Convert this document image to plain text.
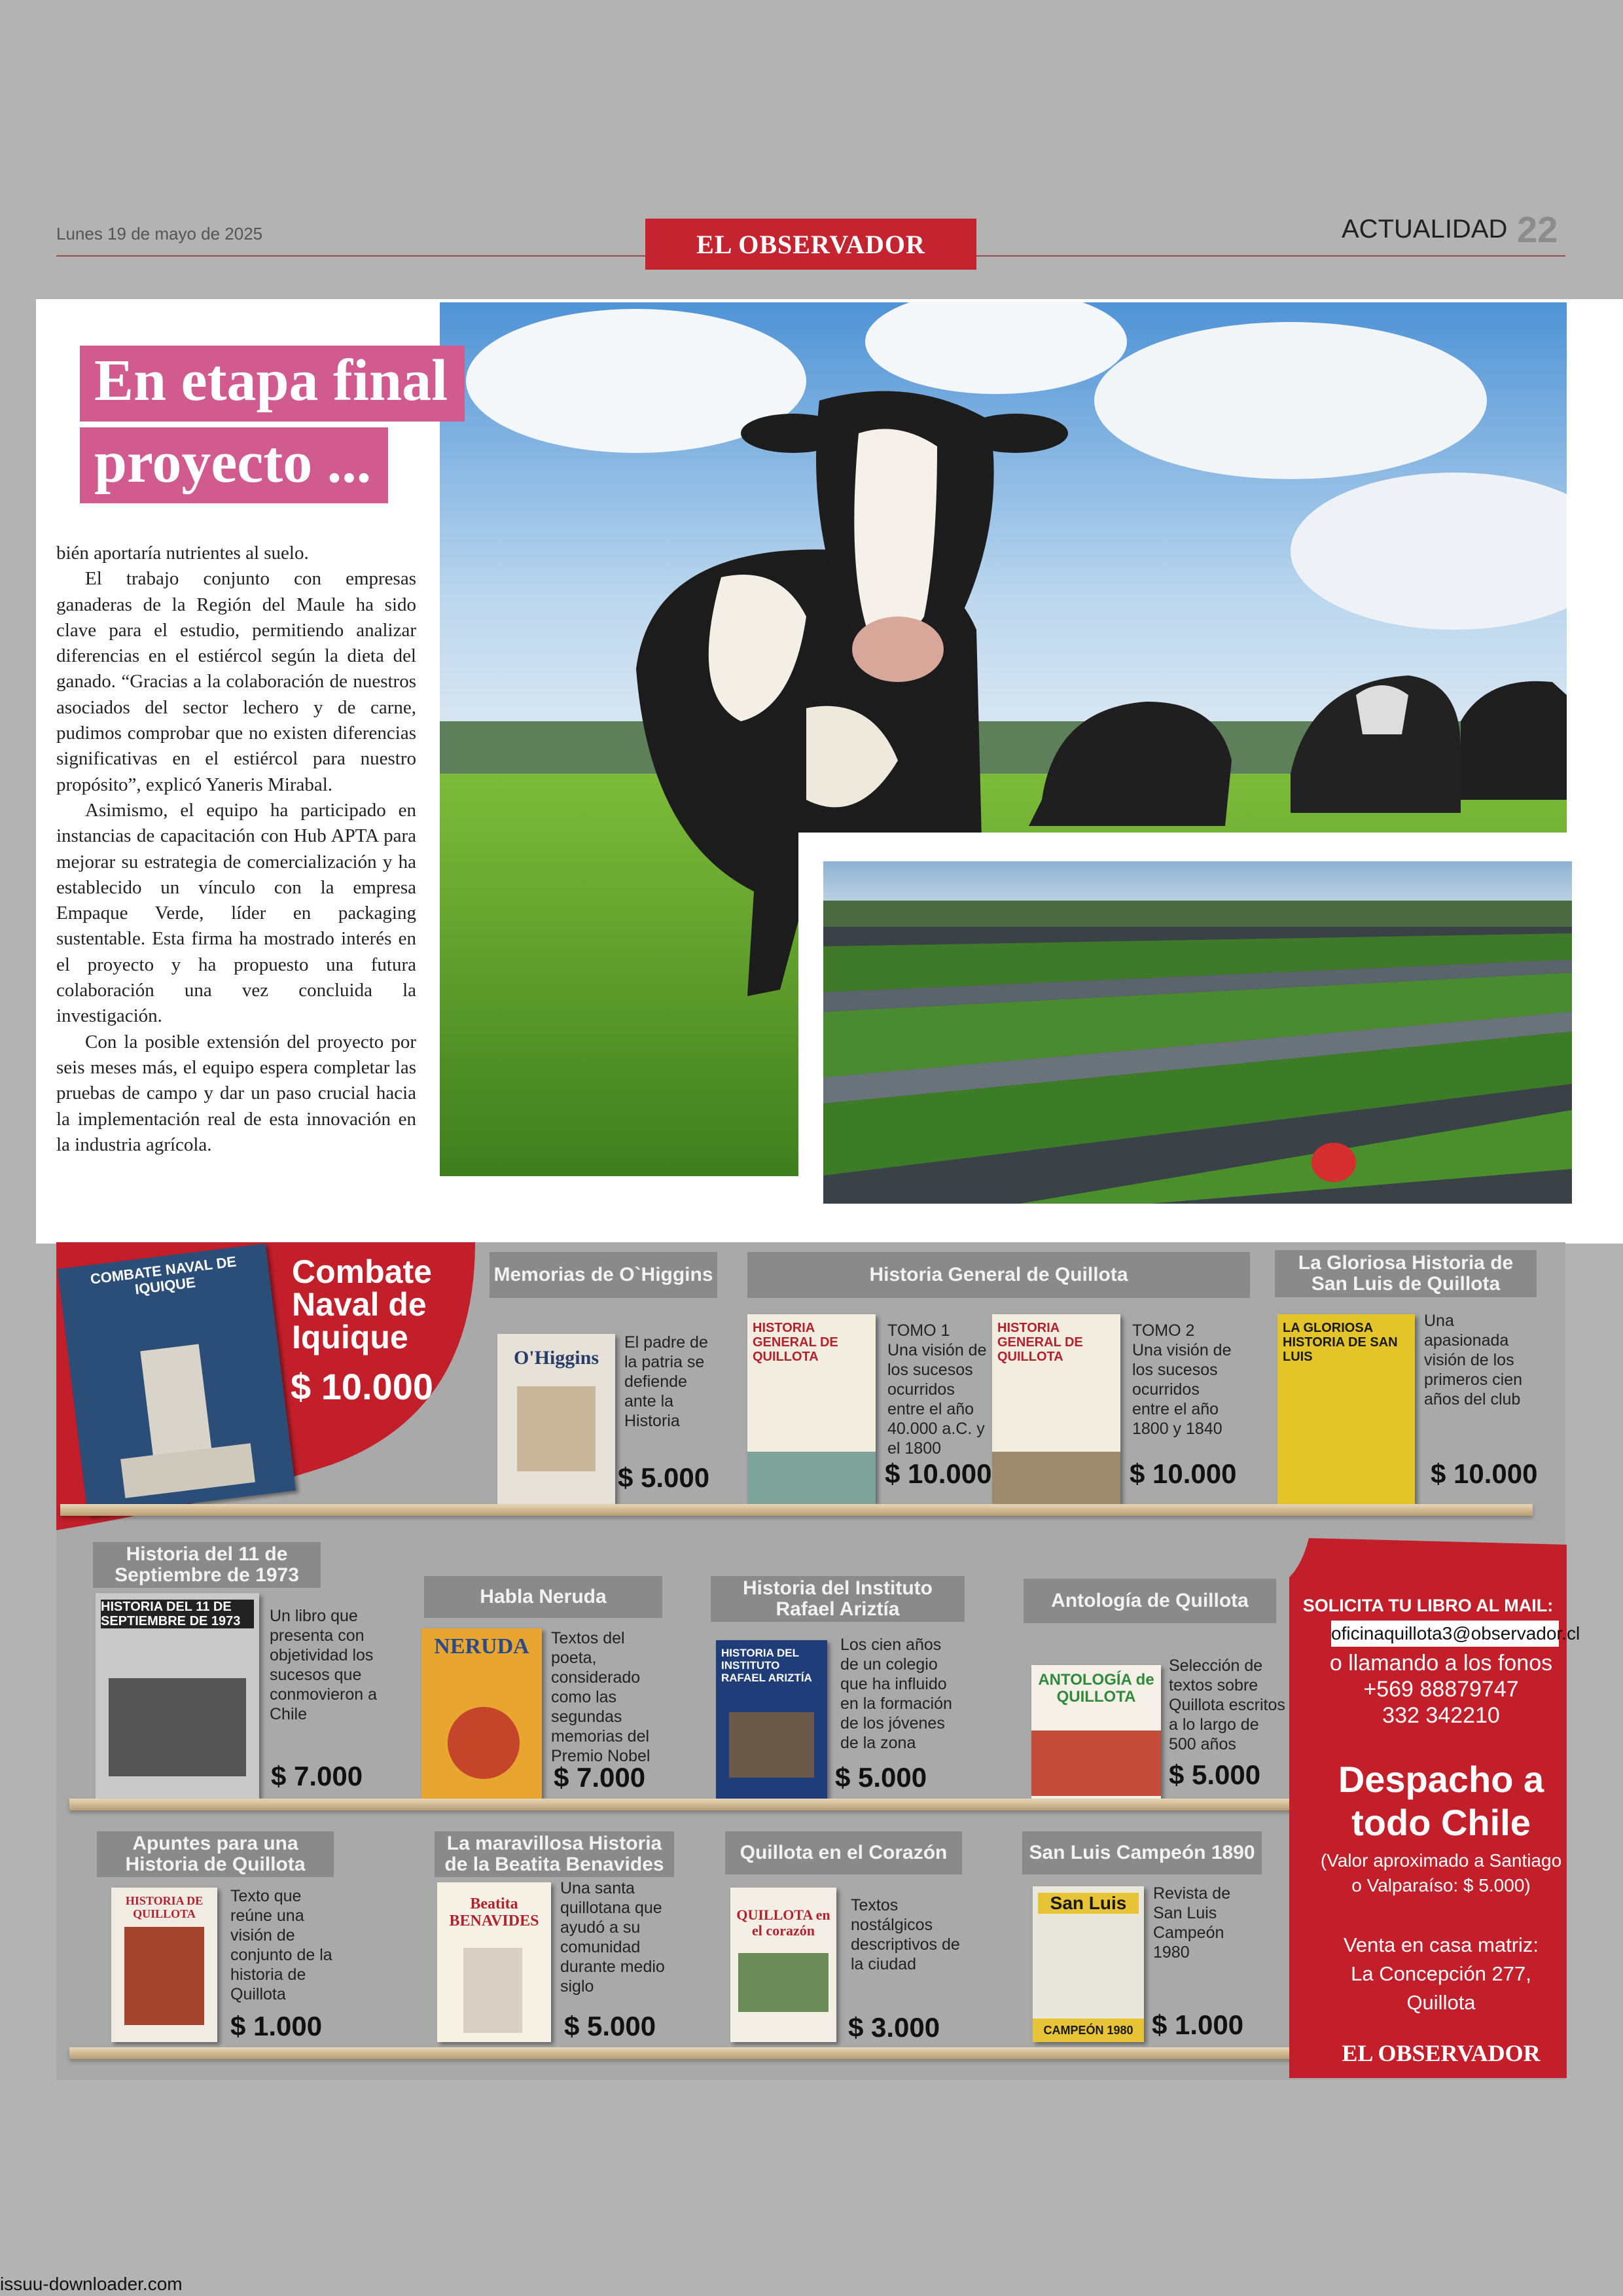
Lunes 19 de mayo de 2025	EL OBSERVADOR
ACTUALIDAD 22
En etapa final
proyecto ...

bién aportaría nutrientes al suelo.

El trabajo conjunto con empresas ganaderas de la Región del Maule ha sido clave para el estudio, permitiendo analizar diferencias en el estiércol según la dieta del ganado. “Gracias a la colaboración de nuestros asociados del sector lechero y de carne, pudimos comprobar que no existen diferencias significativas en el estiércol para nuestro propósito”, explicó Yaneris Mirabal.

Asimismo, el equipo ha participado en instancias de capacitación con Hub APTA para mejorar su estrategia de comercialización y ha establecido un vínculo con la empresa Empaque Verde, líder en packaging sustentable. Esta firma ha mostrado interés en el proyecto y ha propuesto una futura colaboración una vez concluida la investigación.

Con la posible extensión del proyecto por seis meses más, el equipo espera completar las pruebas de campo y dar un paso crucial hacia la implementación real de esta innovación en la industria agrícola.

COMBATE NAVAL DE IQUIQUE	Combate
Naval de
Iquique
$ 10.000
Memorias de O`Higgins
O'Higgins
El padre de la patria se defiende ante la Historia
$ 5.000
Historia General de Quillota
HISTORIA GENERAL DE QUILLOTA
TOMO 1
Una visión de los sucesos ocurridos entre el año 40.000 a.C. y el 1800
$ 10.000
HISTORIA GENERAL DE QUILLOTA
TOMO 2
Una visión de los sucesos ocurridos entre el año 1800 y 1840
$ 10.000
La Gloriosa Historia de
San Luis de Quillota
LA GLORIOSA HISTORIA DE SAN LUIS
Una apasionada visión de los primeros cien años del club
$ 10.000
Historia del 11 de
Septiembre de 1973
HISTORIA DEL 11 DE SEPTIEMBRE DE 1973	Un libro que presenta con objetividad los sucesos que conmovieron a Chile
$ 7.000
Habla Neruda
NERUDA	Textos del poeta, considerado como las segundas memorias del Premio Nobel
$ 7.000
Historia del Instituto
Rafael Ariztía
HISTORIA DEL INSTITUTO RAFAEL ARIZTÍA
Los cien años de un colegio que ha influido en la formación de los jóvenes de la zona
$ 5.000
Antología de Quillota
ANTOLOGÍA de QUILLOTA
Selección de textos sobre Quillota escritos a lo largo de 500 años
$ 5.000
Apuntes para una
Historia de Quillota
HISTORIA DE QUILLOTA
Texto que reúne una visión de conjunto de la historia de Quillota
$ 1.000
La maravillosa Historia
de la Beatita Benavides
Beatita BENAVIDES
Una santa quillotana que ayudó a su comunidad durante medio siglo
$ 5.000
Quillota en el Corazón
QUILLOTA en el corazón
Textos nostálgicos descriptivos de la ciudad
$ 3.000
San Luis Campeón 1890
San Luis
CAMPEÓN 1980
Revista de San Luis Campeón 1980
$ 1.000
SOLICITA TU LIBRO AL MAIL:
oficinaquillota3@observador.cl
o llamando a los fonos
+569 88879747
332 342210
Despacho a
todo Chile
(Valor aproximado a Santiago
o Valparaíso: $ 5.000)
Venta en casa matriz:
La Concepción 277,
Quillota
EL OBSERVADOR
issuu-downloader.com
